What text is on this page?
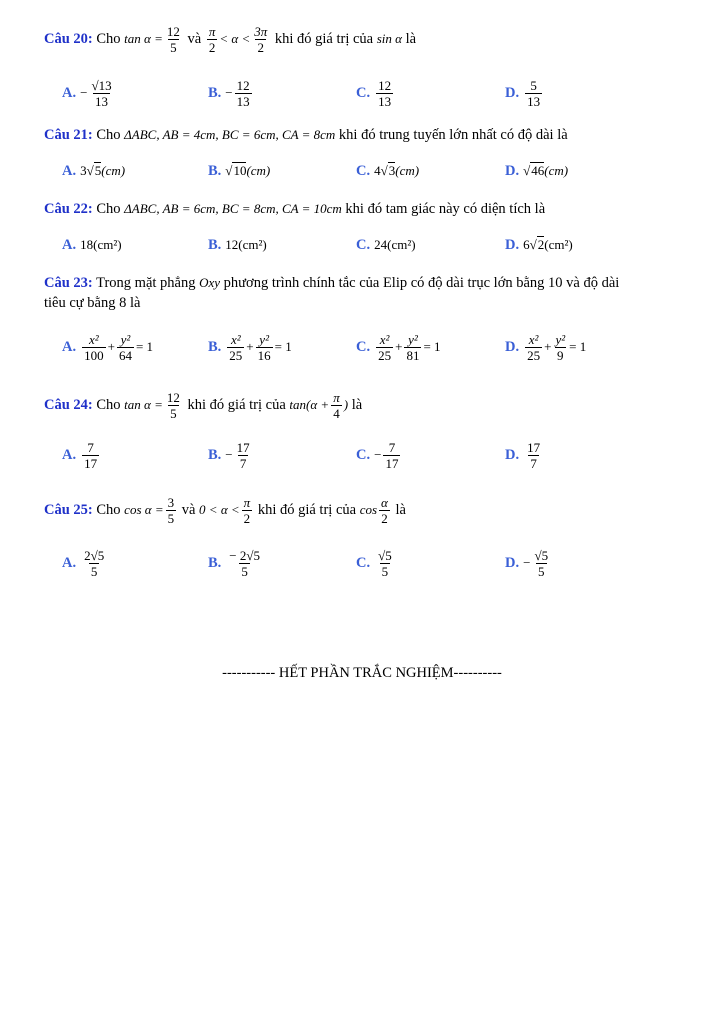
Câu 20: Cho $\tan \alpha = \frac{12}{5}$ và $\frac{\pi}{2} < \alpha < \frac{3\pi}{2}$ khi đó giá trị của sin α là
A. − $\frac{√13}{13}$	B. − $\frac{12}{13}$	C. $\frac{12}{13}$	D. $\frac{5}{13}$
Câu 21: Cho ΔABC, AB = 4cm, BC = 6cm, CA = 8cm khi đó trung tuyến lớn nhất có độ dài là
A. 3√5(cm)	B. √10(cm)	C. 4√3(cm)	D. √46(cm)
Câu 22: Cho ΔABC, AB = 6cm, BC = 8cm, CA = 10cm khi đó tam giác này có diện tích là
A. 18(cm²)	B. 12(cm²)	C. 24(cm²)	D. 6√2(cm²)
Câu 23: Trong mặt phẳng Oxy phương trình chính tắc của Elip có độ dài trục lớn bằng 10 và độ dài
tiêu cự bằng 8 là
A. $\frac{\text{x²}}{100} + \frac{\text{y²}}{64} = 1$	B. $\frac{\text{x²}}{25} + \frac{\text{y²}}{16} = 1$	C. $\frac{\text{x²}}{25} + \frac{\text{y²}}{81} = 1$	D. $\frac{\text{x²}}{25} + \frac{\text{y²}}{9} = 1$
Câu 24: Cho $\tan \alpha = \frac{12}{5}$ khi đó giá trị của $\tan(\alpha + \frac{\pi}{4}$ ) là
A. $\frac{7}{17}$	B. − $\frac{17}{7}$	C. − $\frac{7}{17}$	D. $\frac{17}{7}$
Câu 25: Cho $\cos \alpha = \frac{3}{5}$ và $0 < \alpha < \frac{\pi}{2}$ khi đó giá trị của $\cos \frac{\alpha}{2}$ là
A. $\frac{2√5}{5}$	B. $\frac{- 2√5}{5}$	C. $\frac{√5}{5}$	D. − $\frac{√5}{5}$
----------- HẾT PHẦN TRẮC NGHIỆM----------
